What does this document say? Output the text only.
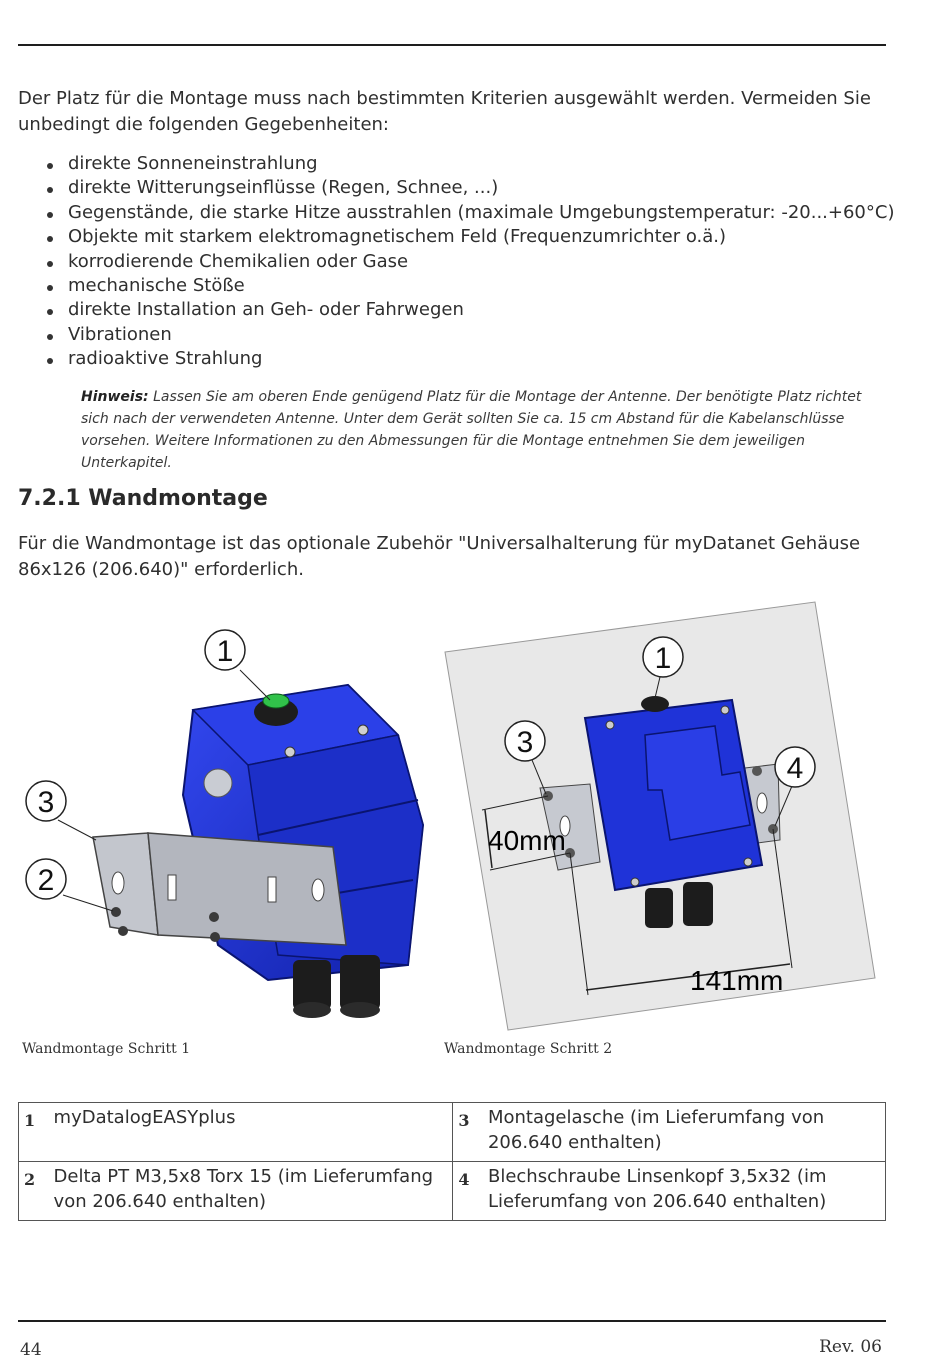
Der Platz für die Montage muss nach bestimmten Kriterien ausgewählt werden. Vermeiden Sie unbedingt die folgenden Gegebenheiten:
direkte Sonneneinstrahlung
direkte Witterungseinflüsse (Regen, Schnee, ...)
Gegenstände, die starke Hitze ausstrahlen (maximale Umgebungstemperatur: -20...+60°C)
Objekte mit starkem elektromagnetischem Feld (Frequenzumrichter o.ä.)
korrodierende Chemikalien oder Gase
mechanische Stöße
direkte Installation an Geh- oder Fahrwegen
Vibrationen
radioaktive Strahlung
Hinweis: Lassen Sie am oberen Ende genügend Platz für die Montage der Antenne. Der benötigte Platz richtet sich nach der verwendeten Antenne. Unter dem Gerät sollten Sie ca. 15 cm Abstand für die Kabelanschlüsse vorsehen. Weitere Informationen zu den Abmessungen für die Montage entnehmen Sie dem jeweiligen Unterkapitel.
7.2.1 Wandmontage
Für die Wandmontage ist das optionale Zubehör "Universalhalterung für myDatanet Gehäuse 86x126 (206.640)" erforderlich.
1
3
2
40mm
141mm
1
3
4
Wandmontage Schritt 1	Wandmontage Schritt 2
1	myDatalogEASYplus	3	Montagelasche (im Lieferumfang von 206.640 enthalten)
2	Delta PT M3,5x8 Torx 15 (im Lieferumfang von 206.640 enthalten)	4	Blechschraube Linsenkopf 3,5x32 (im Lieferumfang von 206.640 enthalten)
44	Rev. 06
